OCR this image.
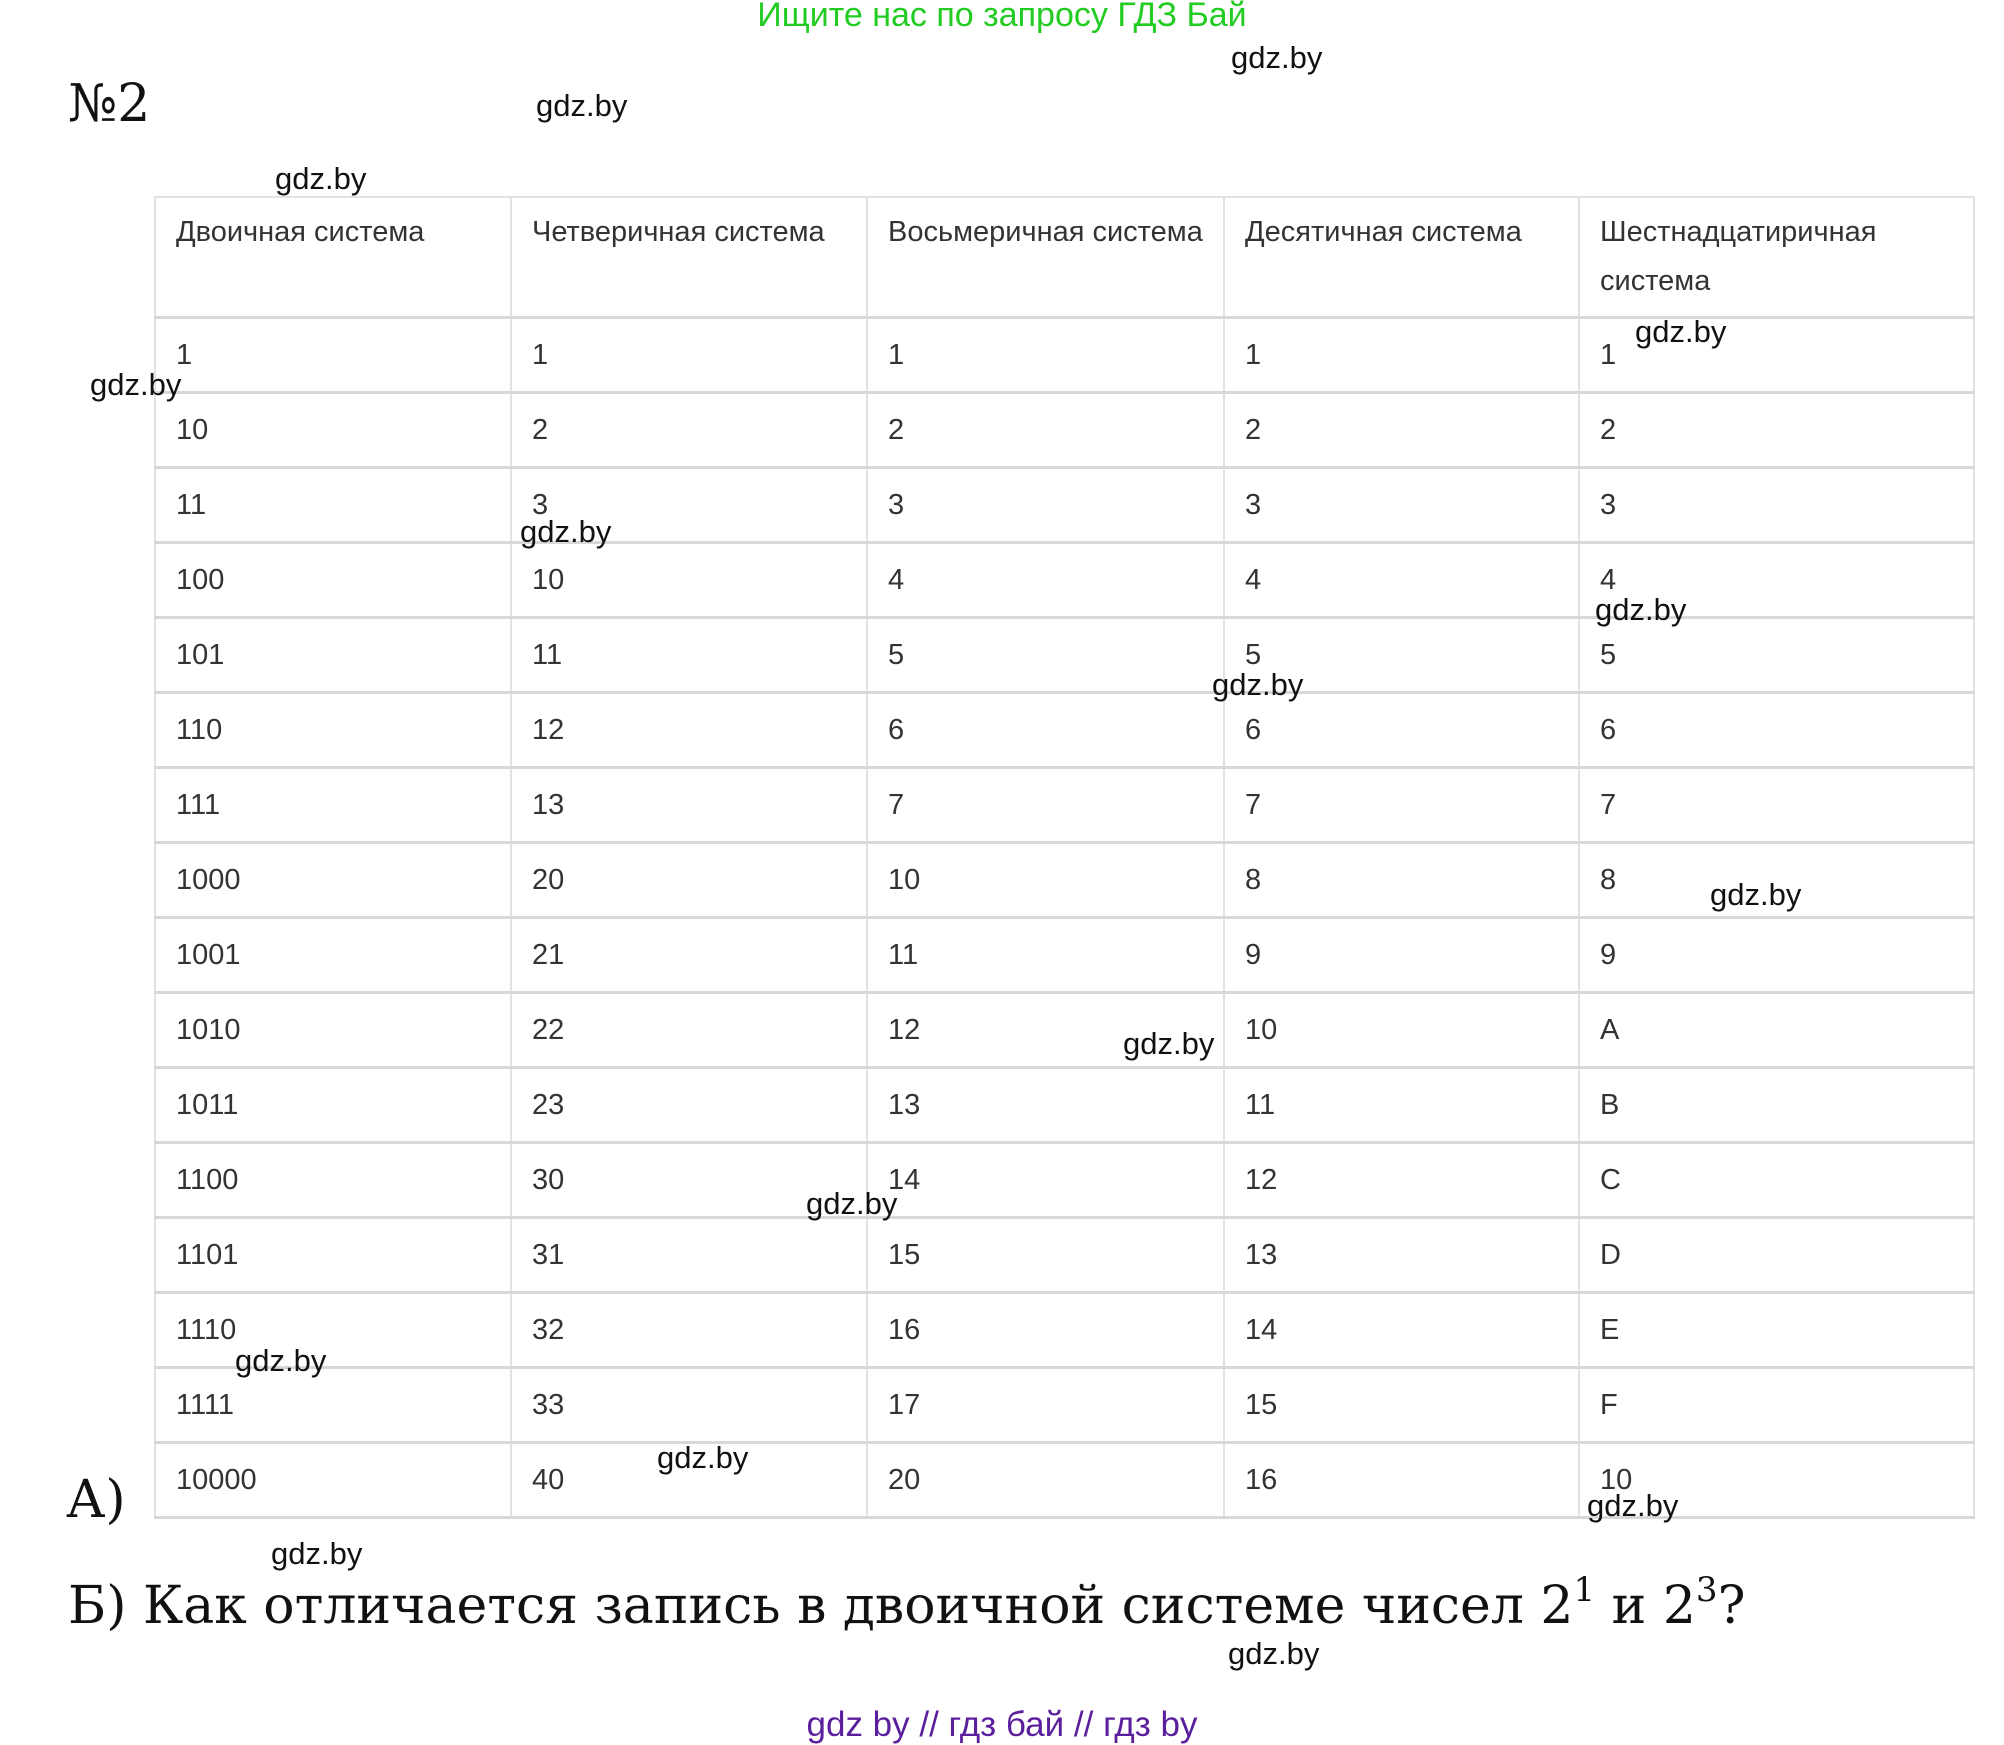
Ищите нас по запросу ГДЗ Бай
№2
Двоичная система	Четверичная система	Восьмеричная система	Десятичная система	Шестнадцатиричная система
1	1	1	1	1
10	2	2	2	2
11	3	3	3	3
100	10	4	4	4
101	11	5	5	5
110	12	6	6	6
111	13	7	7	7
1000	20	10	8	8
1001	21	11	9	9
1010	22	12	10	A
1011	23	13	11	B
1100	30	14	12	C
1101	31	15	13	D
1110	32	16	14	E
1111	33	17	15	F
10000	40	20	16	10
А)
Б) Как отличается запись в двоичной системе чисел $2^1$ и $2^3$?
gdz.by
gdz.by
gdz.by
gdz.by
gdz.by
gdz.by
gdz.by
gdz.by
gdz.by
gdz.by
gdz.by
gdz.by
gdz.by
gdz.by
gdz.by
gdz.by
gdz by // гдз бай // гдз by
